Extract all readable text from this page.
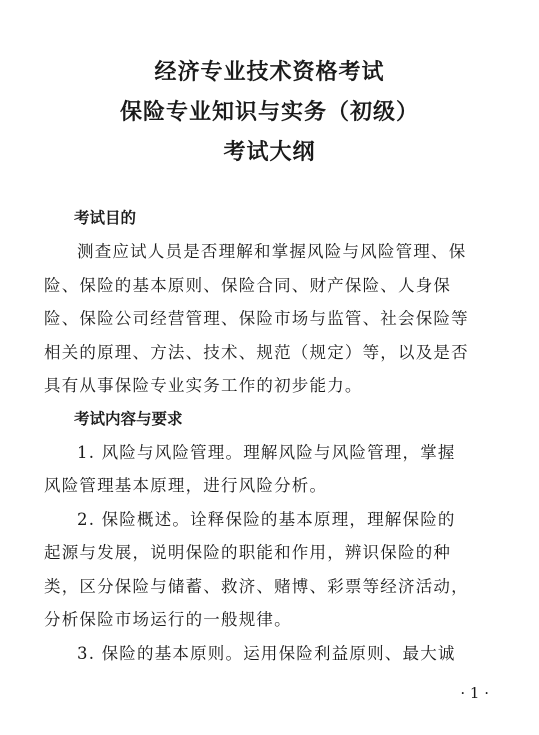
经济专业技术资格考试
保险专业知识与实务（初级）
考试大纲

考试目的

测查应试人员是否理解和掌握风险与风险管理、保
险、保险的基本原则、保险合同、财产保险、人身保
险、保险公司经营管理、保险市场与监管、社会保险等
相关的原理、方法、技术、规范（规定）等，以及是否
具有从事保险专业实务工作的初步能力。

考试内容与要求

1. 风险与风险管理。理解风险与风险管理，掌握
风险管理基本原理，进行风险分析。

2. 保险概述。诠释保险的基本原理，理解保险的
起源与发展，说明保险的职能和作用，辨识保险的种
类，区分保险与储蓄、救济、赌博、彩票等经济活动，
分析保险市场运行的一般规律。

3. 保险的基本原则。运用保险利益原则、最大诚

· 1 ·
